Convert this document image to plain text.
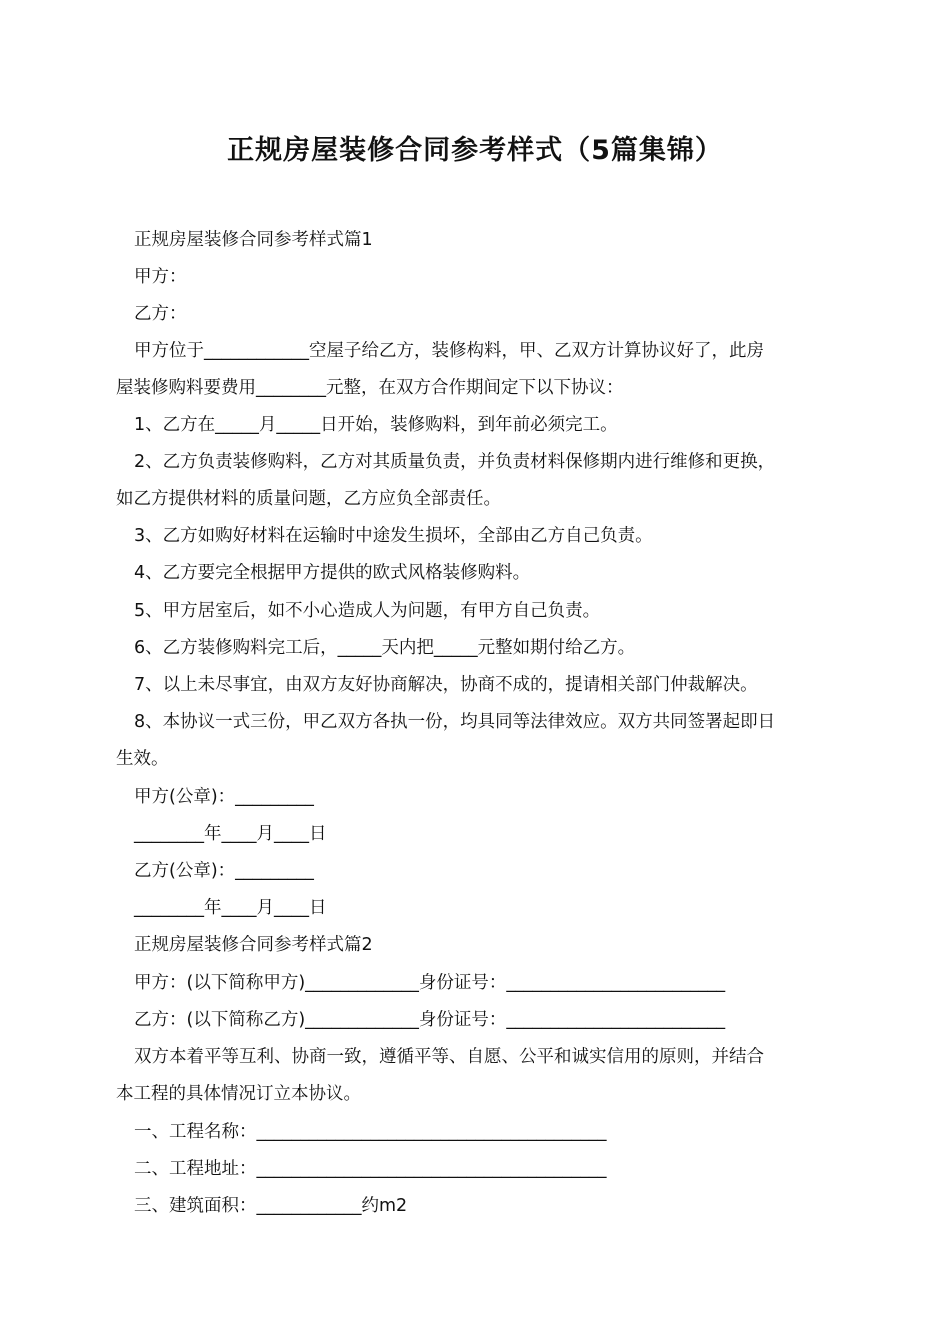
正规房屋装修合同参考样式（5篇集锦）
正规房屋装修合同参考样式篇1
甲方：
乙方：
甲方位于____________空屋子给乙方，装修构料，甲、乙双方计算协议好了，此房
屋装修购料要费用________元整，在双方合作期间定下以下协议：
1、乙方在_____月_____日开始，装修购料，到年前必须完工。
2、乙方负责装修购料，乙方对其质量负责，并负责材料保修期内进行维修和更换，
如乙方提供材料的质量问题，乙方应负全部责任。
3、乙方如购好材料在运输时中途发生损坏，全部由乙方自己负责。
4、乙方要完全根据甲方提供的欧式风格装修购料。
5、甲方居室后，如不小心造成人为问题，有甲方自己负责。
6、乙方装修购料完工后，_____天内把_____元整如期付给乙方。
7、以上未尽事宜，由双方友好协商解决，协商不成的，提请相关部门仲裁解决。
8、本协议一式三份，甲乙双方各执一份，均具同等法律效应。双方共同签署起即日
生效。
甲方(公章)：_________
________年____月____日
乙方(公章)：_________
________年____月____日
正规房屋装修合同参考样式篇2
甲方：(以下简称甲方)_____________身份证号：_________________________
乙方：(以下简称乙方)_____________身份证号：_________________________
双方本着平等互利、协商一致，遵循平等、自愿、公平和诚实信用的原则，并结合
本工程的具体情况订立本协议。
一、工程名称：________________________________________
二、工程地址：________________________________________
三、建筑面积：____________约m2
